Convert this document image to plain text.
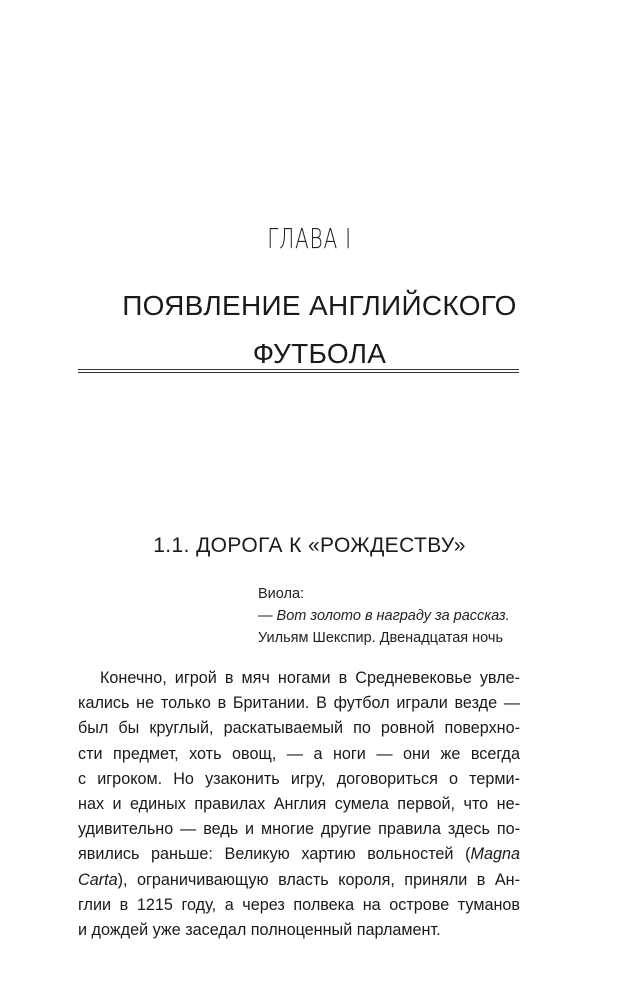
ГЛАВА I
ПОЯВЛЕНИЕ АНГЛИЙСКОГО
ФУТБОЛА
1.1. ДОРОГА К «РОЖДЕСТВУ»
Виола:
— Вот золото в награду за рассказ.
Уильям Шекспир. Двенадцатая ночь
Конечно, игрой в мяч ногами в Средневековье увле-
кались не только в Британии. В футбол играли везде —
был бы круглый, раскатываемый по ровной поверхно-
сти предмет, хоть овощ, — а ноги — они же всегда
с игроком. Но узаконить игру, договориться о терми-
нах и единых правилах Англия сумела первой, что не-
удивительно — ведь и многие другие правила здесь по-
явились раньше: Великую хартию вольностей (Magna
Carta), ограничивающую власть короля, приняли в Ан-
глии в 1215 году, а через полвека на острове туманов
и дождей уже заседал полноценный парламент.
